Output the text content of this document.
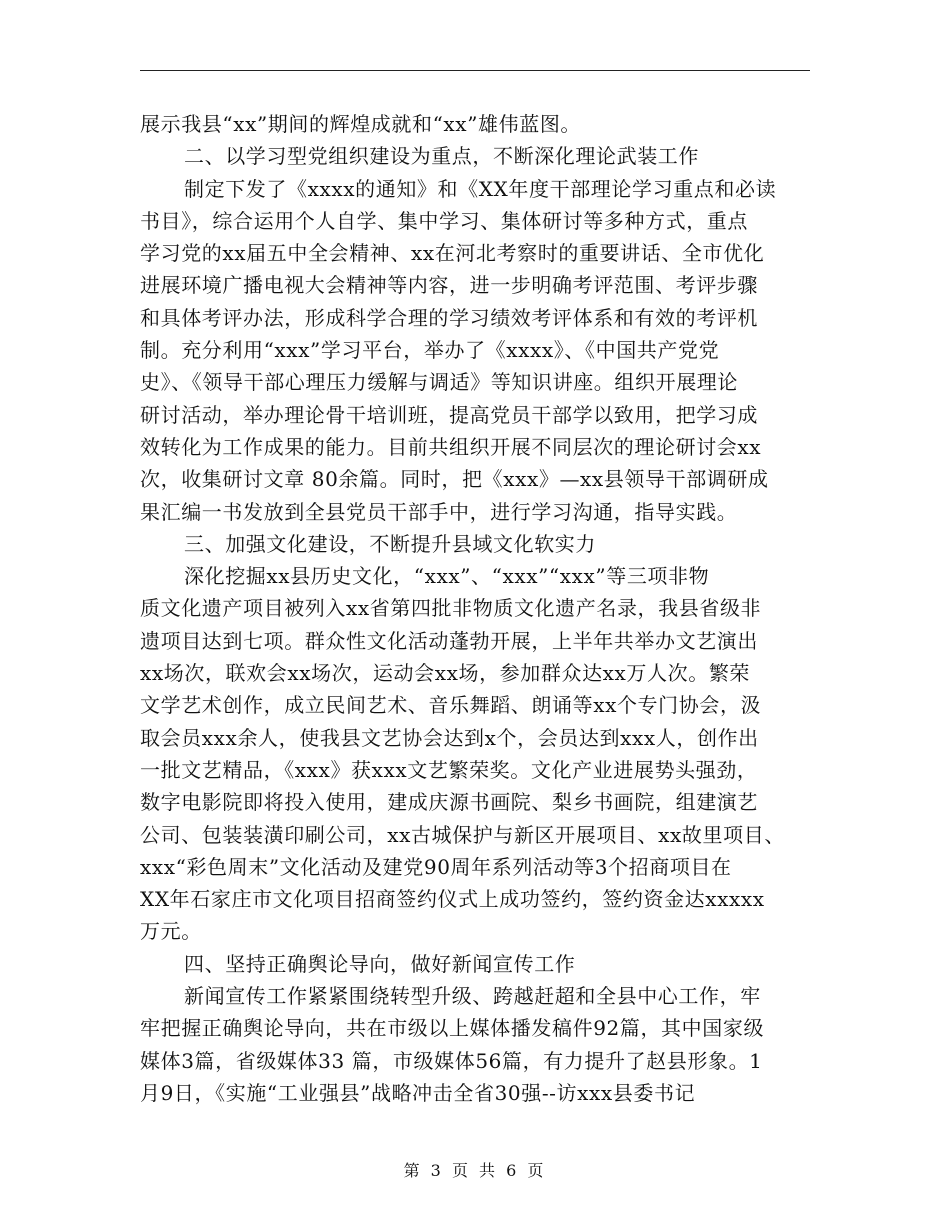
展示我县“xx”期间的辉煌成就和“xx”雄伟蓝图。
二、以学习型党组织建设为重点，不断深化理论武装工作
制定下发了《xxxx的通知》和《XX年度干部理论学习重点和必读
书目》，综合运用个人自学、集中学习、集体研讨等多种方式，重点
学习党的xx届五中全会精神、xx在河北考察时的重要讲话、全市优化
进展环境广播电视大会精神等内容，进一步明确考评范围、考评步骤
和具体考评办法，形成科学合理的学习绩效考评体系和有效的考评机
制。充分利用“xxx”学习平台，举办了《xxxx》、《中国共产党党
史》、《领导干部心理压力缓解与调适》等知识讲座。组织开展理论
研讨活动，举办理论骨干培训班，提高党员干部学以致用，把学习成
效转化为工作成果的能力。目前共组织开展不同层次的理论研讨会xx
次，收集研讨文章 80余篇。同时，把《xxx》—xx县领导干部调研成
果汇编一书发放到全县党员干部手中，进行学习沟通，指导实践。
三、加强文化建设，不断提升县域文化软实力
深化挖掘xx县历史文化，“xxx”、“xxx”“xxx”等三项非物
质文化遗产项目被列入xx省第四批非物质文化遗产名录，我县省级非
遗项目达到七项。群众性文化活动蓬勃开展，上半年共举办文艺演出
xx场次，联欢会xx场次，运动会xx场，参加群众达xx万人次。繁荣
文学艺术创作，成立民间艺术、音乐舞蹈、朗诵等xx个专门协会，汲
取会员xxx余人，使我县文艺协会达到x个，会员达到xxx人，创作出
一批文艺精品，《xxx》获xxx文艺繁荣奖。文化产业进展势头强劲，
数字电影院即将投入使用，建成庆源书画院、梨乡书画院，组建演艺
公司、包装装潢印刷公司，xx古城保护与新区开展项目、xx故里项目、
xxx“彩色周末”文化活动及建党90周年系列活动等3个招商项目在
XX年石家庄市文化项目招商签约仪式上成功签约，签约资金达xxxxx
万元。
四、坚持正确舆论导向，做好新闻宣传工作
新闻宣传工作紧紧围绕转型升级、跨越赶超和全县中心工作，牢
牢把握正确舆论导向，共在市级以上媒体播发稿件92篇，其中国家级
媒体3篇，省级媒体33 篇，市级媒体56篇，有力提升了赵县形象。1
月9日，《实施“工业强县”战略冲击全省30强--访xxx县委书记
第 3 页 共 6 页
